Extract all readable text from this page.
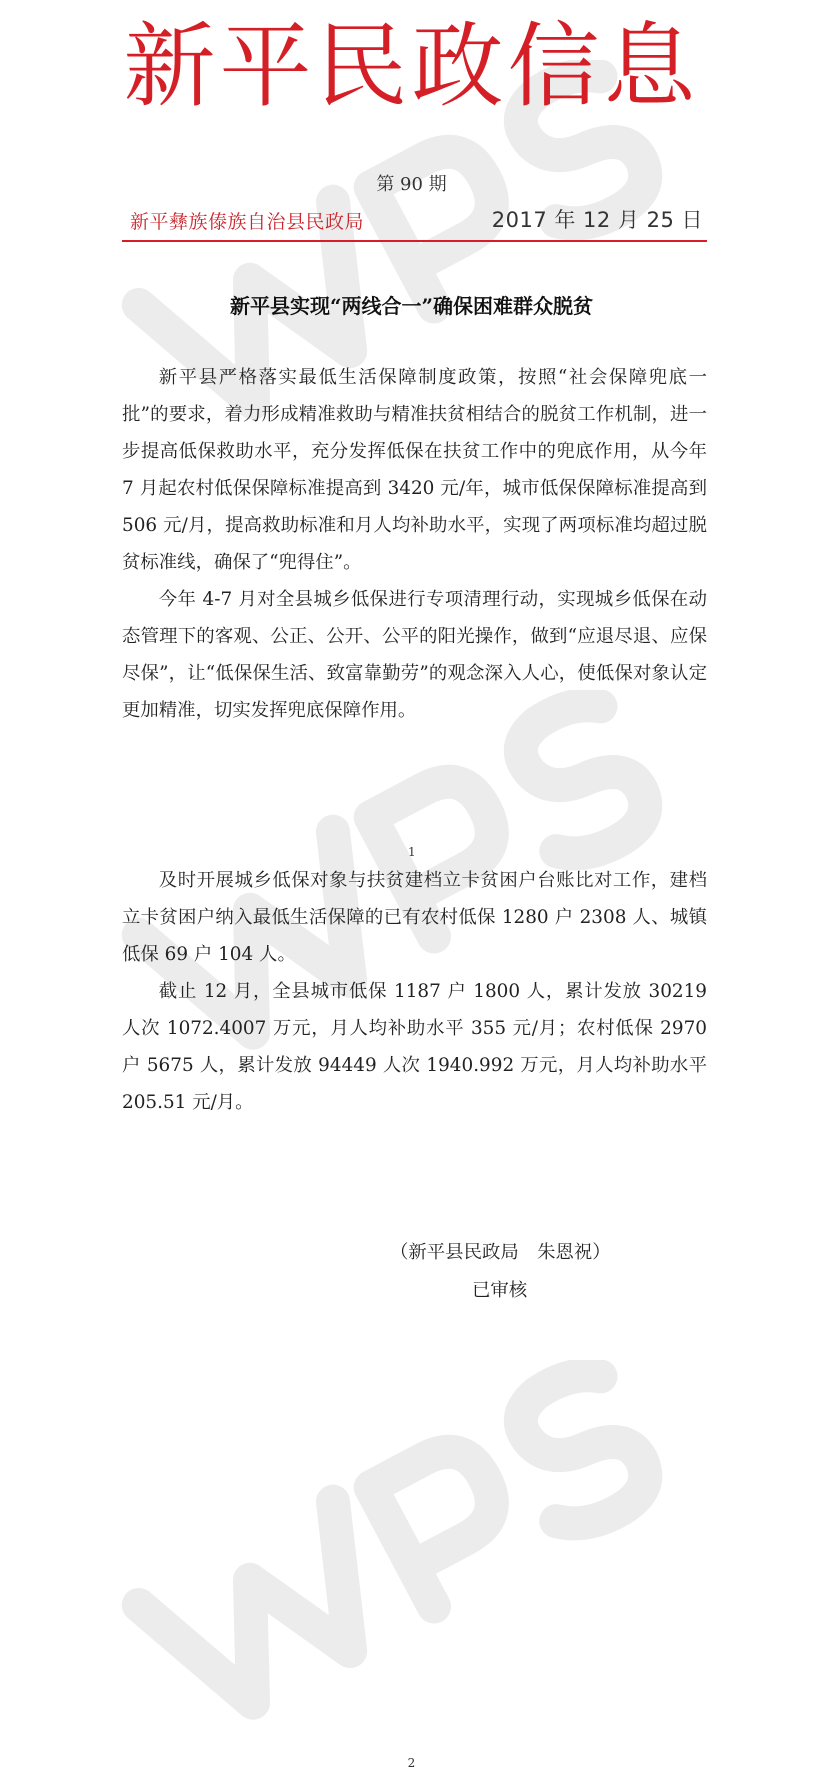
新平民政信息
第 90 期
新平彝族傣族自治县民政局	2017 年 12 月 25 日
新平县实现“两线合一”确保困难群众脱贫

新平县严格落实最低生活保障制度政策，按照“社会保障兜底一批”的要求，着力形成精准救助与精准扶贫相结合的脱贫工作机制，进一步提高低保救助水平，充分发挥低保在扶贫工作中的兜底作用，从今年 7 月起农村低保保障标准提高到 3420 元/年，城市低保保障标准提高到 506 元/月，提高救助标准和月人均补助水平，实现了两项标准均超过脱贫标准线，确保了“兜得住”。

今年 4-7 月对全县城乡低保进行专项清理行动，实现城乡低保在动态管理下的客观、公正、公开、公平的阳光操作，做到“应退尽退、应保尽保”，让“低保保生活、致富靠勤劳”的观念深入人心，使低保对象认定更加精准，切实发挥兜底保障作用。

1

及时开展城乡低保对象与扶贫建档立卡贫困户台账比对工作，建档立卡贫困户纳入最低生活保障的已有农村低保 1280 户 2308 人、城镇低保 69 户 104 人。

截止 12 月，全县城市低保 1187 户 1800 人，累计发放 30219 人次 1072.4007 万元，月人均补助水平 355 元/月；农村低保 2970 户 5675 人，累计发放 94449 人次 1940.992 万元，月人均补助水平 205.51 元/月。

（新平县民政局　朱恩祝）
已审核
2
